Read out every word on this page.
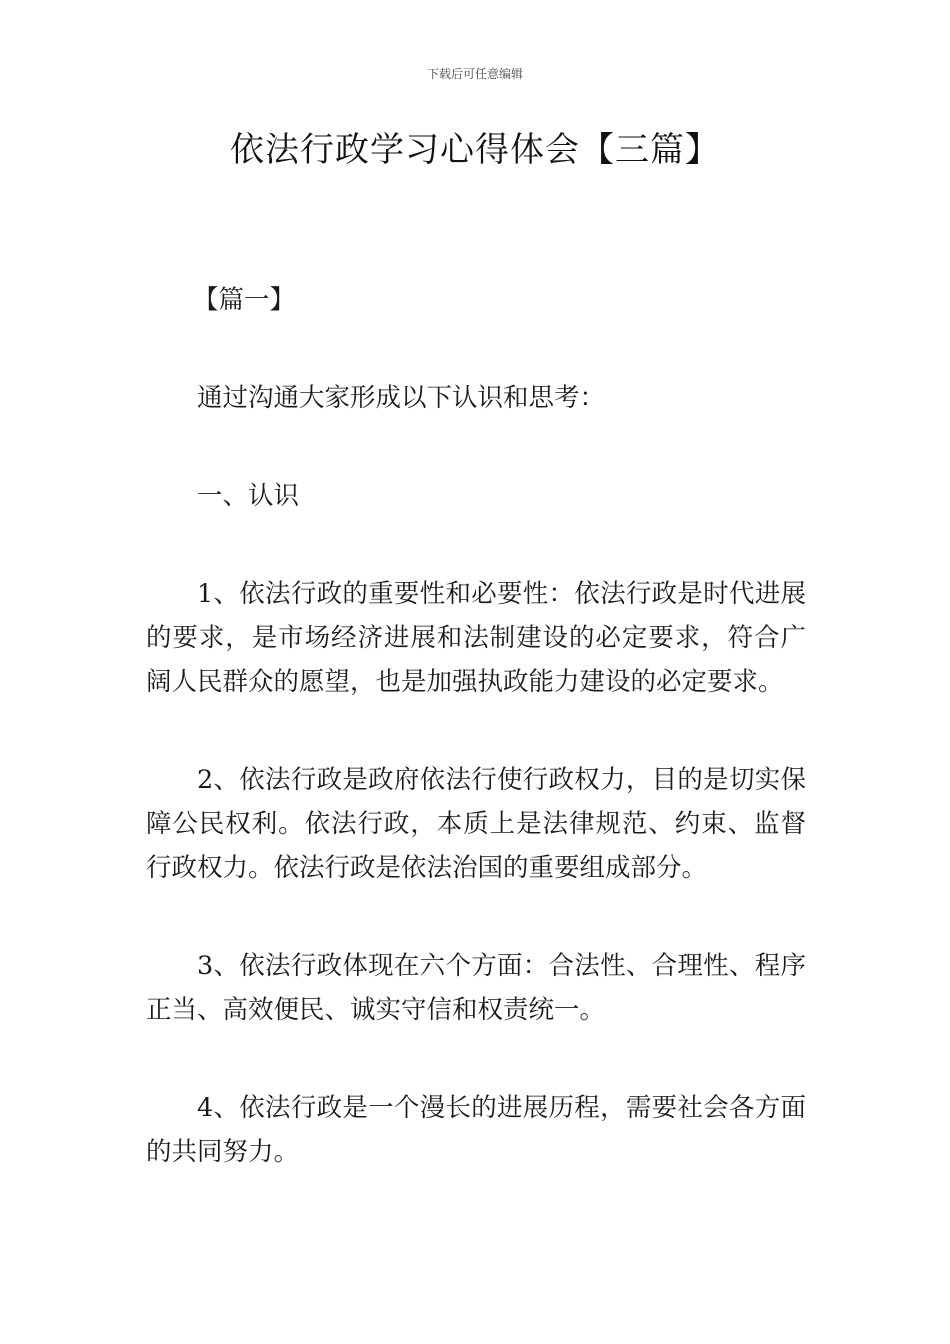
下载后可任意编辑
依法行政学习心得体会【三篇】

【篇一】

通过沟通大家形成以下认识和思考：

一、认识

1、依法行政的重要性和必要性：依法行政是时代进展的要求，是市场经济进展和法制建设的必定要求，符合广阔人民群众的愿望，也是加强执政能力建设的必定要求。

2、依法行政是政府依法行使行政权力，目的是切实保障公民权利。依法行政，本质上是法律规范、约束、监督行政权力。依法行政是依法治国的重要组成部分。

3、依法行政体现在六个方面：合法性、合理性、程序正当、高效便民、诚实守信和权责统一。

4、依法行政是一个漫长的进展历程，需要社会各方面的共同努力。
